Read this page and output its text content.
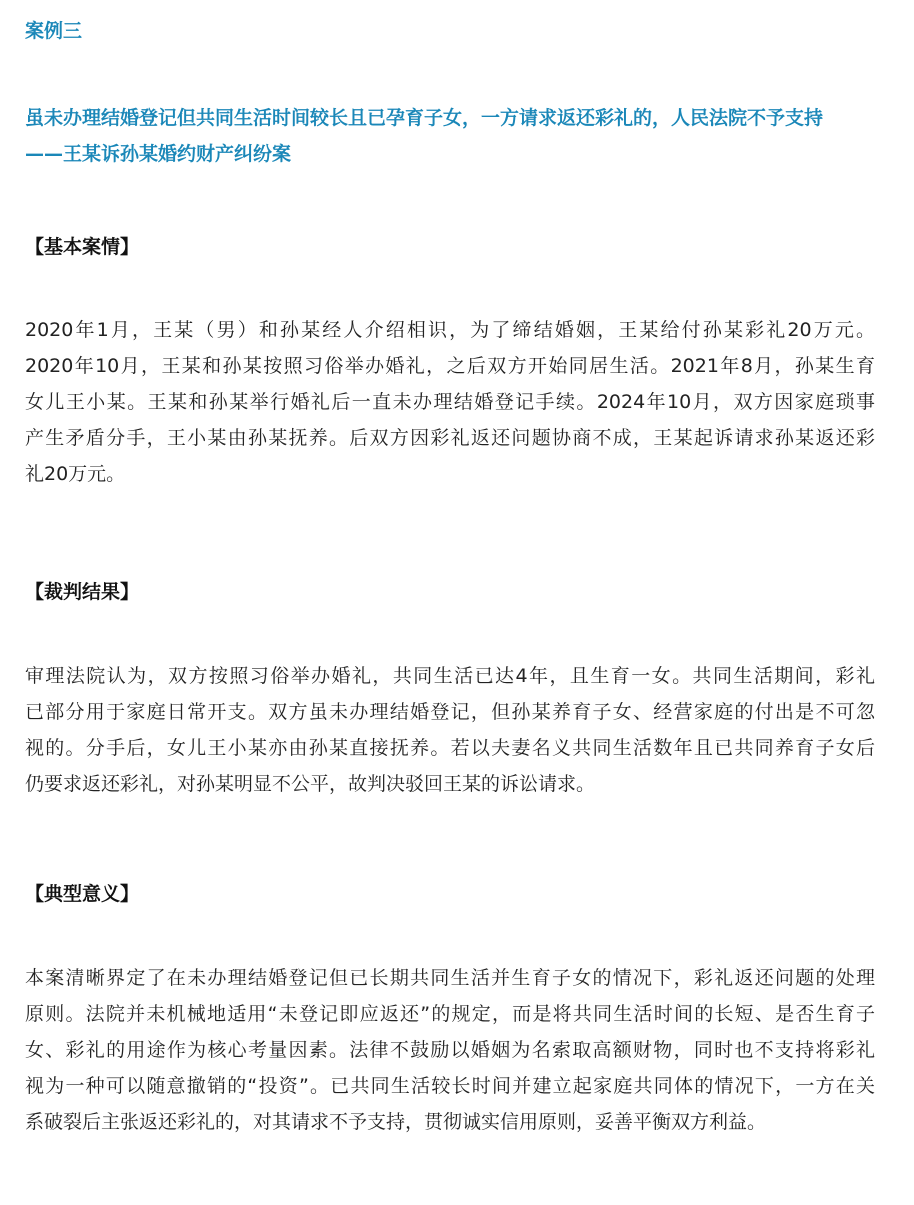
案例三
虽未办理结婚登记但共同生活时间较长且已孕育子女，一方请求返还彩礼的，人民法院不予支持
——王某诉孙某婚约财产纠纷案
【基本案情】
2020年1月，王某（男）和孙某经人介绍相识，为了缔结婚姻，王某给付孙某彩礼20万元。
2020年10月，王某和孙某按照习俗举办婚礼，之后双方开始同居生活。2021年8月，孙某生育
女儿王小某。王某和孙某举行婚礼后一直未办理结婚登记手续。2024年10月，双方因家庭琐事
产生矛盾分手，王小某由孙某抚养。后双方因彩礼返还问题协商不成，王某起诉请求孙某返还彩
礼20万元。
【裁判结果】
审理法院认为，双方按照习俗举办婚礼，共同生活已达4年，且生育一女。共同生活期间，彩礼
已部分用于家庭日常开支。双方虽未办理结婚登记，但孙某养育子女、经营家庭的付出是不可忽
视的。分手后，女儿王小某亦由孙某直接抚养。若以夫妻名义共同生活数年且已共同养育子女后
仍要求返还彩礼，对孙某明显不公平，故判决驳回王某的诉讼请求。
【典型意义】
本案清晰界定了在未办理结婚登记但已长期共同生活并生育子女的情况下，彩礼返还问题的处理
原则。法院并未机械地适用“未登记即应返还”的规定，而是将共同生活时间的长短、是否生育子
女、彩礼的用途作为核心考量因素。法律不鼓励以婚姻为名索取高额财物，同时也不支持将彩礼
视为一种可以随意撤销的“投资”。已共同生活较长时间并建立起家庭共同体的情况下，一方在关
系破裂后主张返还彩礼的，对其请求不予支持，贯彻诚实信用原则，妥善平衡双方利益。
